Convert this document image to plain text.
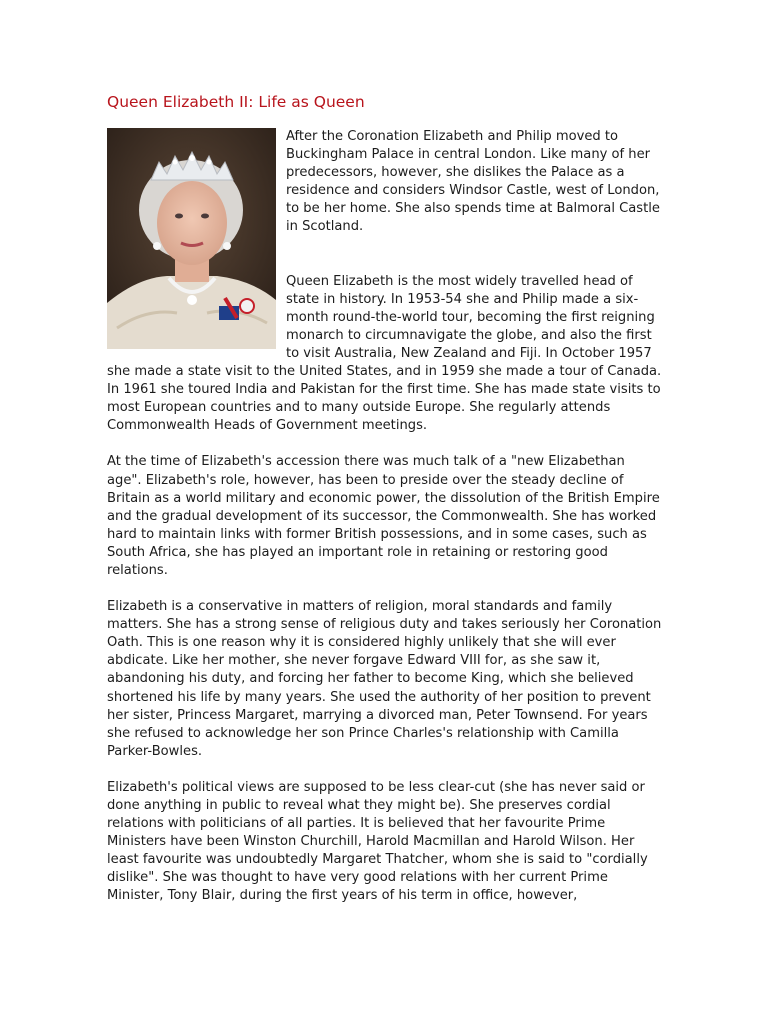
Queen Elizabeth II: Life as Queen

After the Coronation Elizabeth and Philip moved to Buckingham Palace in central London. Like many of her predecessors, however, she dislikes the Palace as a residence and considers Windsor Castle, west of London, to be her home. She also spends time at Balmoral Castle in Scotland.

Queen Elizabeth is the most widely travelled head of state in history. In 1953-54 she and Philip made a six-month round-the-world tour, becoming the first reigning monarch to circumnavigate the globe, and also the first to visit Australia, New Zealand and Fiji. In October 1957 she made a state visit to the United States, and in 1959 she made a tour of Canada. In 1961 she toured India and Pakistan for the first time. She has made state visits to most European countries and to many outside Europe. She regularly attends Commonwealth Heads of Government meetings.

At the time of Elizabeth's accession there was much talk of a "new Elizabethan age". Elizabeth's role, however, has been to preside over the steady decline of Britain as a world military and economic power, the dissolution of the British Empire and the gradual development of its successor, the Commonwealth. She has worked hard to maintain links with former British possessions, and in some cases, such as South Africa, she has played an important role in retaining or restoring good relations.

Elizabeth is a conservative in matters of religion, moral standards and family matters. She has a strong sense of religious duty and takes seriously her Coronation Oath. This is one reason why it is considered highly unlikely that she will ever abdicate. Like her mother, she never forgave Edward VIII for, as she saw it, abandoning his duty, and forcing her father to become King, which she believed shortened his life by many years. She used the authority of her position to prevent her sister, Princess Margaret, marrying a divorced man, Peter Townsend. For years she refused to acknowledge her son Prince Charles's relationship with Camilla Parker-Bowles.

Elizabeth's political views are supposed to be less clear-cut (she has never said or done anything in public to reveal what they might be). She preserves cordial relations with politicians of all parties. It is believed that her favourite Prime Ministers have been Winston Churchill, Harold Macmillan and Harold Wilson. Her least favourite was undoubtedly Margaret Thatcher, whom she is said to "cordially dislike". She was thought to have very good relations with her current Prime Minister, Tony Blair, during the first years of his term in office, however,
